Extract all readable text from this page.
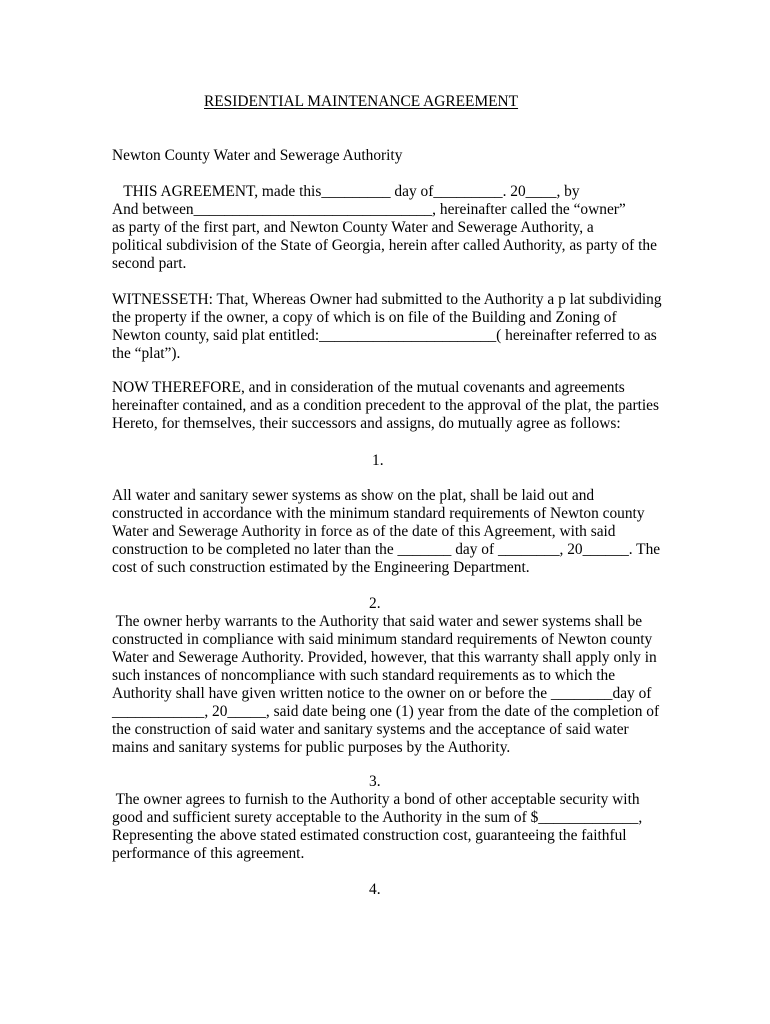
RESIDENTIAL MAINTENANCE AGREEMENT
Newton County Water and Sewerage Authority
THIS AGREEMENT, made this_________ day of_________. 20____, by
And between_______________________________, hereinafter called the “owner”
as party of the first part, and Newton County Water and Sewerage Authority, a
political subdivision of the State of Georgia, herein after called Authority, as party of the
second part.
WITNESSETH: That, Whereas Owner had submitted to the Authority a p lat subdividing
the property if the owner, a copy of which is on file of the Building and Zoning of
Newton county, said plat entitled:_______________________( hereinafter referred to as
the “plat”).
NOW THEREFORE, and in consideration of the mutual covenants and agreements
hereinafter contained, and as a condition precedent to the approval of the plat, the parties
Hereto, for themselves, their successors and assigns, do mutually agree as follows:
1.
All water and sanitary sewer systems as show on the plat, shall be laid out and
constructed in accordance with the minimum standard requirements of Newton county
Water and Sewerage Authority in force as of the date of this Agreement, with said
construction to be completed no later than the _______ day of ________, 20______. The
cost of such construction estimated by the Engineering Department.
2.
The owner herby warrants to the Authority that said water and sewer systems shall be
constructed in compliance with said minimum standard requirements of Newton county
Water and Sewerage Authority. Provided, however, that this warranty shall apply only in
such instances of noncompliance with such standard requirements as to which the
Authority shall have given written notice to the owner on or before the ________day of
____________, 20_____, said date being one (1) year from the date of the completion of
the construction of said water and sanitary systems and the acceptance of said water
mains and sanitary systems for public purposes by the Authority.
3.
The owner agrees to furnish to the Authority a bond of other acceptable security with
good and sufficient surety acceptable to the Authority in the sum of $_____________,
Representing the above stated estimated construction cost, guaranteeing the faithful
performance of this agreement.
4.
